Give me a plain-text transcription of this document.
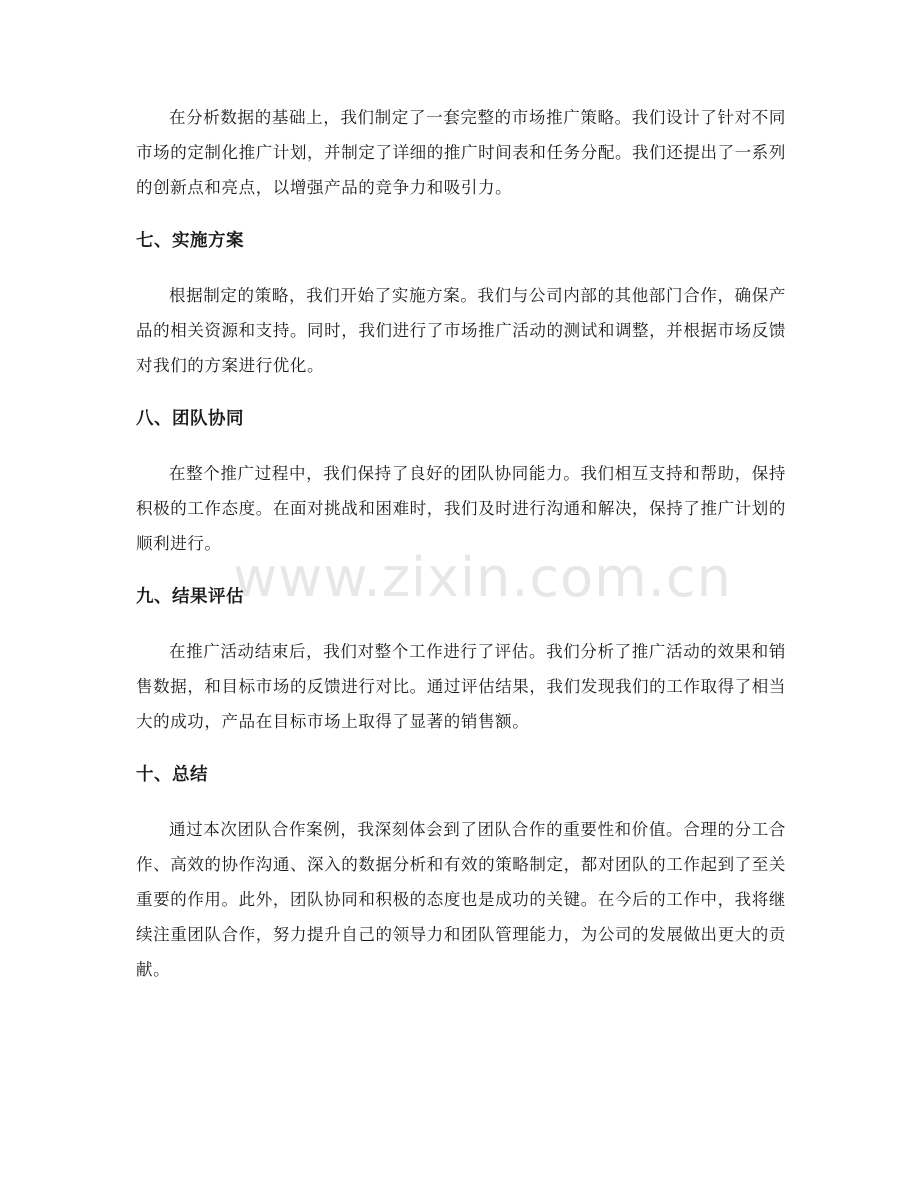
在分析数据的基础上，我们制定了一套完整的市场推广策略。我们设计了针对不同市场的定制化推广计划，并制定了详细的推广时间表和任务分配。我们还提出了一系列的创新点和亮点，以增强产品的竞争力和吸引力。

七、实施方案

根据制定的策略，我们开始了实施方案。我们与公司内部的其他部门合作，确保产品的相关资源和支持。同时，我们进行了市场推广活动的测试和调整，并根据市场反馈对我们的方案进行优化。

八、团队协同

在整个推广过程中，我们保持了良好的团队协同能力。我们相互支持和帮助，保持积极的工作态度。在面对挑战和困难时，我们及时进行沟通和解决，保持了推广计划的顺利进行。

九、结果评估

在推广活动结束后，我们对整个工作进行了评估。我们分析了推广活动的效果和销售数据，和目标市场的反馈进行对比。通过评估结果，我们发现我们的工作取得了相当大的成功，产品在目标市场上取得了显著的销售额。

十、总结

通过本次团队合作案例，我深刻体会到了团队合作的重要性和价值。合理的分工合作、高效的协作沟通、深入的数据分析和有效的策略制定，都对团队的工作起到了至关重要的作用。此外，团队协同和积极的态度也是成功的关键。在今后的工作中，我将继续注重团队合作，努力提升自己的领导力和团队管理能力，为公司的发展做出更大的贡献。

www.zixin.com.cn
